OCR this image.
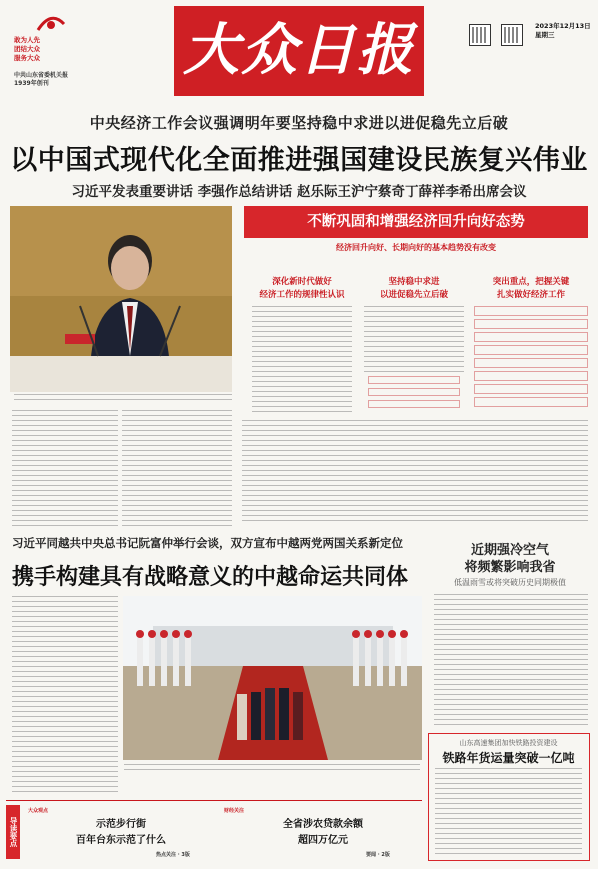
敢为人先
团结大众
服务大众
中共山东省委机关报
1939年创刊
大众日报	2023年12月13日
星期三
中央经济工作会议强调明年要坚持稳中求进以进促稳先立后破
以中国式现代化全面推进强国建设民族复兴伟业
习近平发表重要讲话 李强作总结讲话 赵乐际王沪宁蔡奇丁薛祥李希出席会议
不断巩固和增强经济回升向好态势
经济回升向好、长期向好的基本趋势没有改变
深化新时代做好
经济工作的规律性认识
坚持稳中求进
以进促稳先立后破
突出重点，把握关键
扎实做好经济工作
习近平同越共中央总书记阮富仲举行会谈，双方宣布中越两党两国关系新定位
携手构建具有战略意义的中越命运共同体
近期强冷空气
将频繁影响我省
低温雨雪或将突破历史同期极值
山东高速集团加快铁路投资建设
铁路年货运量突破一亿吨
导读要点
大众观点
示范步行街
百年台东示范了什么
热点关注 · 3版
财经关注
全省涉农贷款余额
超四万亿元
要闻 · 2版
